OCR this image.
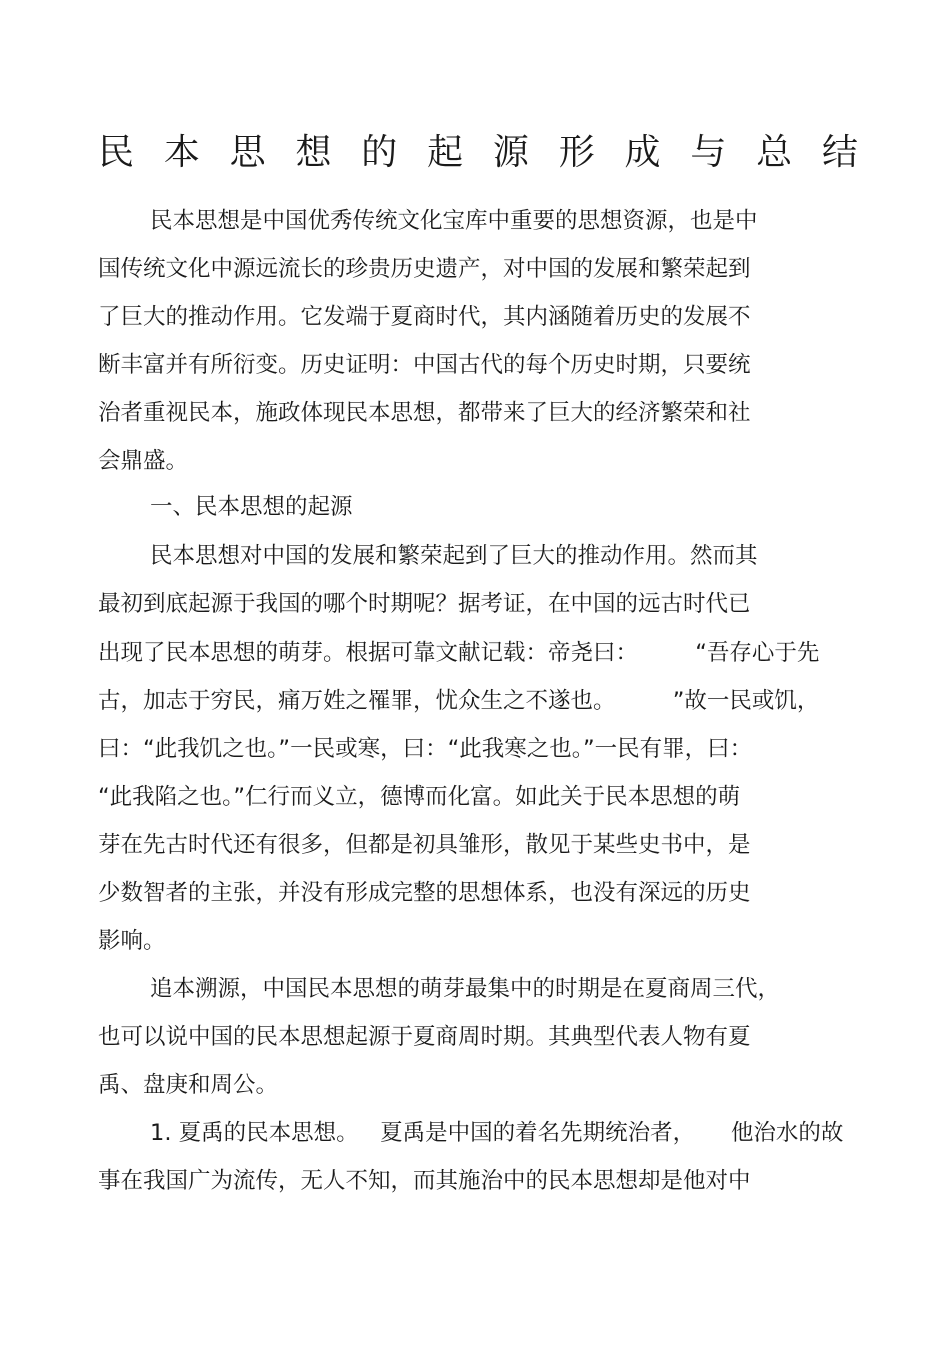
民 本 思 想 的 起 源 形 成 与 总 结

民本思想是中国优秀传统文化宝库中重要的思想资源，也是中

国传统文化中源远流长的珍贵历史遗产，对中国的发展和繁荣起到

了巨大的推动作用。它发端于夏商时代，其内涵随着历史的发展不

断丰富并有所衍变。历史证明：中国古代的每个历史时期，只要统

治者重视民本，施政体现民本思想，都带来了巨大的经济繁荣和社

会鼎盛。

一、民本思想的起源

民本思想对中国的发展和繁荣起到了巨大的推动作用。然而其

最初到底起源于我国的哪个时期呢？据考证，在中国的远古时代已

出现了民本思想的萌芽。根据可靠文献记载：帝尧曰：        “吾存心于先

古，加志于穷民，痛万姓之罹罪，忧众生之不遂也。        ”故一民或饥，

曰：“此我饥之也。”一民或寒，曰：“此我寒之也。”一民有罪，曰：

“此我陷之也。”仁行而义立，德博而化富。如此关于民本思想的萌

芽在先古时代还有很多，但都是初具雏形，散见于某些史书中，是

少数智者的主张，并没有形成完整的思想体系，也没有深远的历史

影响。

追本溯源，中国民本思想的萌芽最集中的时期是在夏商周三代，

也可以说中国的民本思想起源于夏商周时期。其典型代表人物有夏

禹、盘庚和周公。

1. 夏禹的民本思想。   夏禹是中国的着名先期统治者，     他治水的故

事在我国广为流传，无人不知，而其施治中的民本思想却是他对中
